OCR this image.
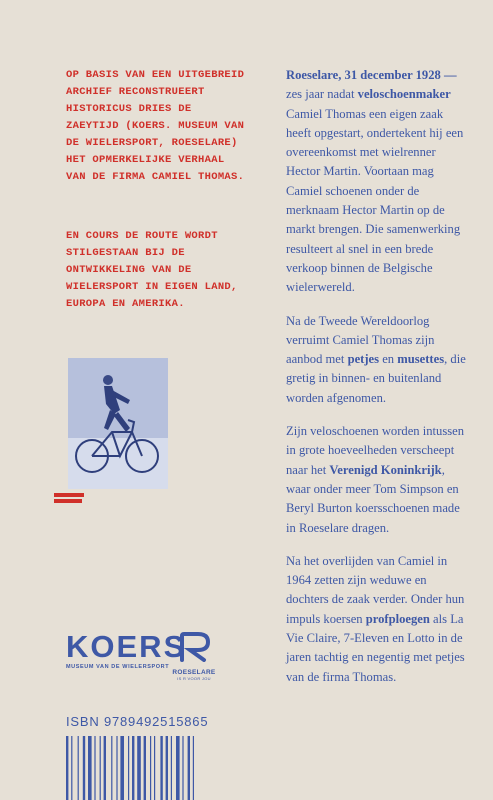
OP BASIS VAN EEN UITGEBREID ARCHIEF RECONSTRUEERT HISTORICUS DRIES DE ZAEYTIJD (KOERS. MUSEUM VAN DE WIELERSPORT, ROESELARE) HET OPMERKELIJKE VERHAAL VAN DE FIRMA CAMIEL THOMAS.
EN COURS DE ROUTE WORDT STILGESTAAN BIJ DE ONTWIKKELING VAN DE WIELERSPORT IN EIGEN LAND, EUROPA EN AMERIKA.

Roeselare, 31 december 1928 — zes jaar nadat veloschoenmaker Camiel Thomas een eigen zaak heeft opgestart, ondertekent hij een overeenkomst met wielrenner Hector Martin. Voortaan mag Camiel schoenen onder de merknaam Hector Martin op de markt brengen. Die samenwerking resulteert al snel in een brede verkoop binnen de Belgische wielerwereld.

Na de Tweede Wereldoorlog verruimt Camiel Thomas zijn aanbod met petjes en musettes, die gretig in binnen- en buitenland worden afgenomen.

Zijn veloschoenen worden intussen in grote hoeveelheden verscheept naar het Verenigd Koninkrijk, waar onder meer Tom Simpson en Beryl Burton koersschoenen made in Roeselare dragen.

Na het overlijden van Camiel in 1964 zetten zijn weduwe en dochters de zaak verder. Onder hun impuls koersen profploegen als La Vie Claire, 7-Eleven en Lotto in de jaren tachtig en negentig met petjes van de firma Thomas.

KOERS
MUSEUM VAN DE WIELERSPORT
ROESELARE
IS R VOOR JOU
ISBN 9789492515865
